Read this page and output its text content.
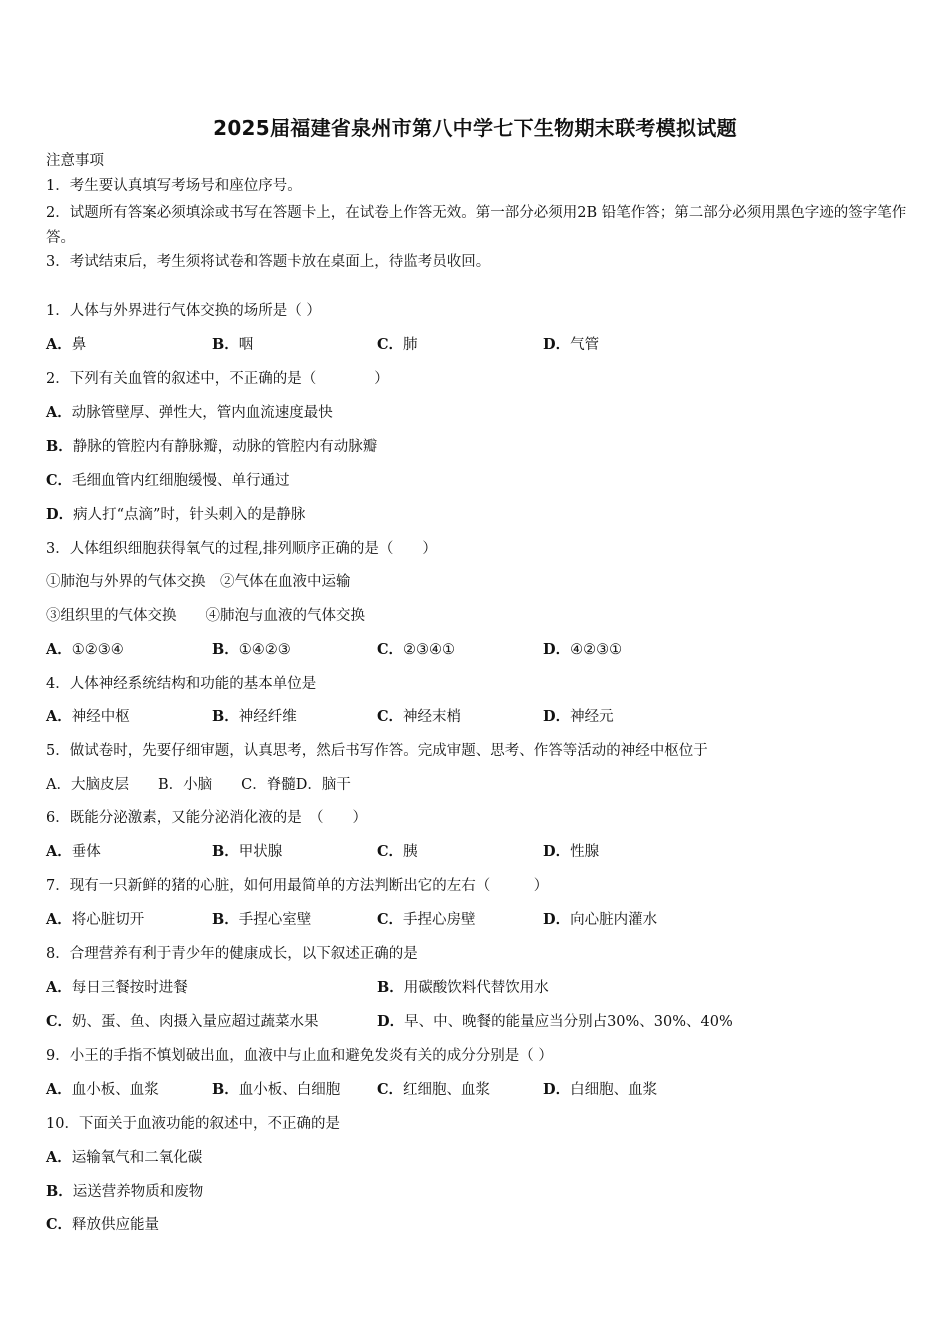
2025届福建省泉州市第八中学七下生物期末联考模拟试题
注意事项
1．考生要认真填写考场号和座位序号。
2．试题所有答案必须填涂或书写在答题卡上，在试卷上作答无效。第一部分必须用2B 铅笔作答；第二部分必须用黑色字迹的签字笔作答。
3．考试结束后，考生须将试卷和答题卡放在桌面上，待监考员收回。
1．人体与外界进行气体交换的场所是（ ）
A．鼻	B．咽	C．肺	D．气管
2．下列有关血管的叙述中，不正确的是（　　　　）
A．动脉管壁厚、弹性大，管内血流速度最快
B．静脉的管腔内有静脉瓣，动脉的管腔内有动脉瓣
C．毛细血管内红细胞缓慢、单行通过
D．病人打“点滴”时，针头刺入的是静脉
3．人体组织细胞获得氧气的过程,排列顺序正确的是（　　）
①肺泡与外界的气体交换　②气体在血液中运输
③组织里的气体交换　　④肺泡与血液的气体交换
A．①②③④	B．①④②③	C．②③④①	D．④②③①
4．人体神经系统结构和功能的基本单位是
A．神经中枢	B．神经纤维	C．神经末梢	D．神经元
5．做试卷时，先要仔细审题，认真思考，然后书写作答。完成审题、思考、作答等活动的神经中枢位于
A．大脑皮层　　B．小脑　　C．脊髓D．脑干
6．既能分泌激素，又能分泌消化液的是　（　　）
A．垂体	B．甲状腺	C．胰	D．性腺
7．现有一只新鲜的猪的心脏，如何用最简单的方法判断出它的左右（　　　）
A．将心脏切开	B．手捏心室壁	C．手捏心房壁	D．向心脏内灌水
8．合理营养有利于青少年的健康成长，以下叙述正确的是
A．每日三餐按时进餐	B．用碳酸饮料代替饮用水
C．奶、蛋、鱼、肉摄入量应超过蔬菜水果	D．早、中、晚餐的能量应当分别占30%、30%、40%
9．小王的手指不慎划破出血，血液中与止血和避免发炎有关的成分分别是（ ）
A．血小板、血浆	B．血小板、白细胞	C．红细胞、血浆	D．白细胞、血浆
10．下面关于血液功能的叙述中，不正确的是
A．运输氧气和二氧化碳
B．运送营养物质和废物
C．释放供应能量
